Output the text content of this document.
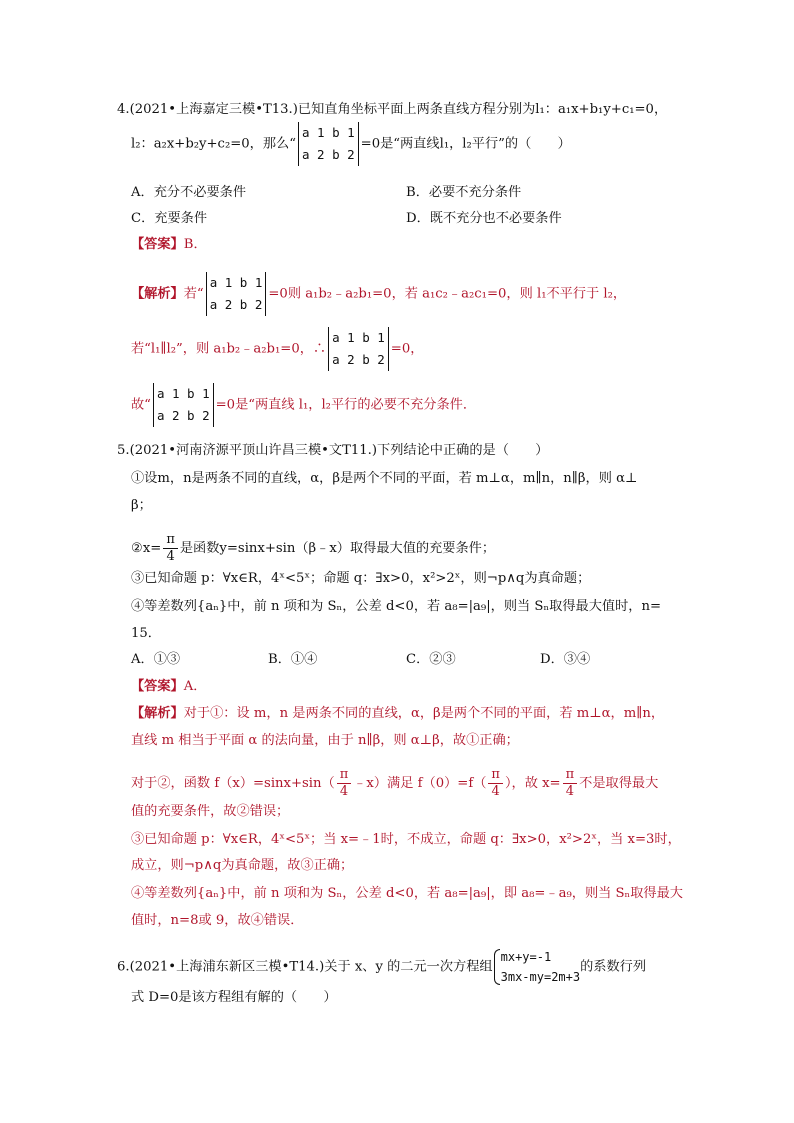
4.(2021•上海嘉定三模•T13.)已知直角坐标平面上两条直线方程分别为l₁：a₁x+b₁y+c₁=0，
l₂：a₂x+b₂y+c₂=0，那么“
a 1 b 1
a 2 b 2
=0是“两直线l₁，l₂平行”的（　　）
A．充分不必要条件	B．必要不充分条件
C．充要条件	D．既不充分也不必要条件
【答案】B．
【解析】若“
a 1 b 1
a 2 b 2
=0则 a₁b₂﹣a₂b₁=0，若 a₁c₂﹣a₂c₁=0，则 l₁不平行于 l₂，
若“l₁∥l₂”，则 a₁b₂﹣a₂b₁=0，∴
a 1 b 1
a 2 b 2
=0，
故“
a 1 b 1
a 2 b 2
=0是“两直线 l₁，l₂平行的必要不充分条件．
5.(2021•河南济源平顶山许昌三模•文T11.)下列结论中正确的是（　　）
①设m，n是两条不同的直线，α，β是两个不同的平面，若 m⊥α，m∥n，n∥β，则 α⊥
β；
②x= $\frac{\pi}{4}$ 是函数y=sinx+sin（β﹣x）取得最大值的充要条件；
③已知命题 p：∀x∈R，4ˣ<5ˣ；命题 q：∃x>0，x²>2ˣ，则¬p∧q为真命题；
④等差数列{aₙ}中，前 n 项和为 Sₙ，公差 d<0，若 a₈=|a₉|，则当 Sₙ取得最大值时，n=
15．
A．①③	B．①④	C．②③	D．③④
【答案】A．
【解析】对于①：设 m，n 是两条不同的直线，α，β是两个不同的平面，若 m⊥α，m∥n，
直线 m 相当于平面 α 的法向量，由于 n∥β，则 α⊥β，故①正确；
对于②，函数 $f(x)=\sin x+\sin( \frac{\pi}{4}$ ﹣x）满足 $f(0)=f( \frac{\pi}{4}$ ），故 $x= \frac{\pi}{4}$ 不是取得最大
值的充要条件，故②错误；
③已知命题 p：∀x∈R，4ˣ<5ˣ；当 x=﹣1时，不成立，命题 q：∃x>0，x²>2ˣ，当 x=3时，
成立，则¬p∧q为真命题，故③正确；
④等差数列{aₙ}中，前 n 项和为 Sₙ，公差 d<0，若 a₈=|a₉|，即 a₈=﹣a₉，则当 Sₙ取得最大
值时，n=8或 9，故④错误．
6.(2021•上海浦东新区三模•T14.)关于 x、y 的二元一次方程组
mx+y=-1
3mx-my=2m+3
的系数行列
式 D=0是该方程组有解的（　　）
